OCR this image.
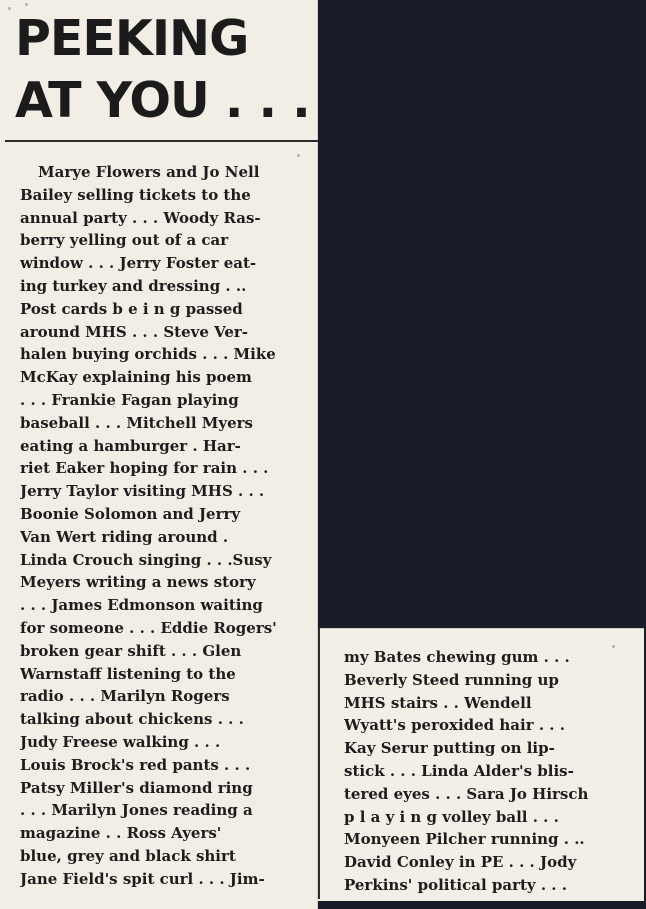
PEEKING
AT YOU . . .
Marye Flowers and Jo Nell
Bailey selling tickets to the
annual party . . . Woody Ras-
berry yelling out of a car
window . . . Jerry Foster eat-
ing turkey and dressing . ..
Post cards b e i n g passed
around MHS . . . Steve Ver-
halen buying orchids . . . Mike
McKay explaining his poem
. . . Frankie Fagan playing
baseball . . . Mitchell Myers
eating a hamburger . Har-
riet Eaker hoping for rain . . .
Jerry Taylor visiting MHS . . .
Boonie Solomon and Jerry
Van Wert riding around .
Linda Crouch singing . . .Susy
Meyers writing a news story
. . . James Edmonson waiting
for someone . . . Eddie Rogers'
broken gear shift . . . Glen
Warnstaff listening to the
radio . . . Marilyn Rogers
talking about chickens . . .
Judy Freese walking . . .
Louis Brock's red pants . . .
Patsy Miller's diamond ring
. . . Marilyn Jones reading a
magazine . . Ross Ayers'
blue, grey and black shirt
Jane Field's spit curl . . . Jim-
my Bates chewing gum . . .
Beverly Steed running up
MHS stairs . . Wendell
Wyatt's peroxided hair . . .
Kay Serur putting on lip-
stick . . . Linda Alder's blis-
tered eyes . . . Sara Jo Hirsch
p l a y i n g volley ball . . .
Monyeen Pilcher running . ..
David Conley in PE . . . Jody
Perkins' political party . . .
